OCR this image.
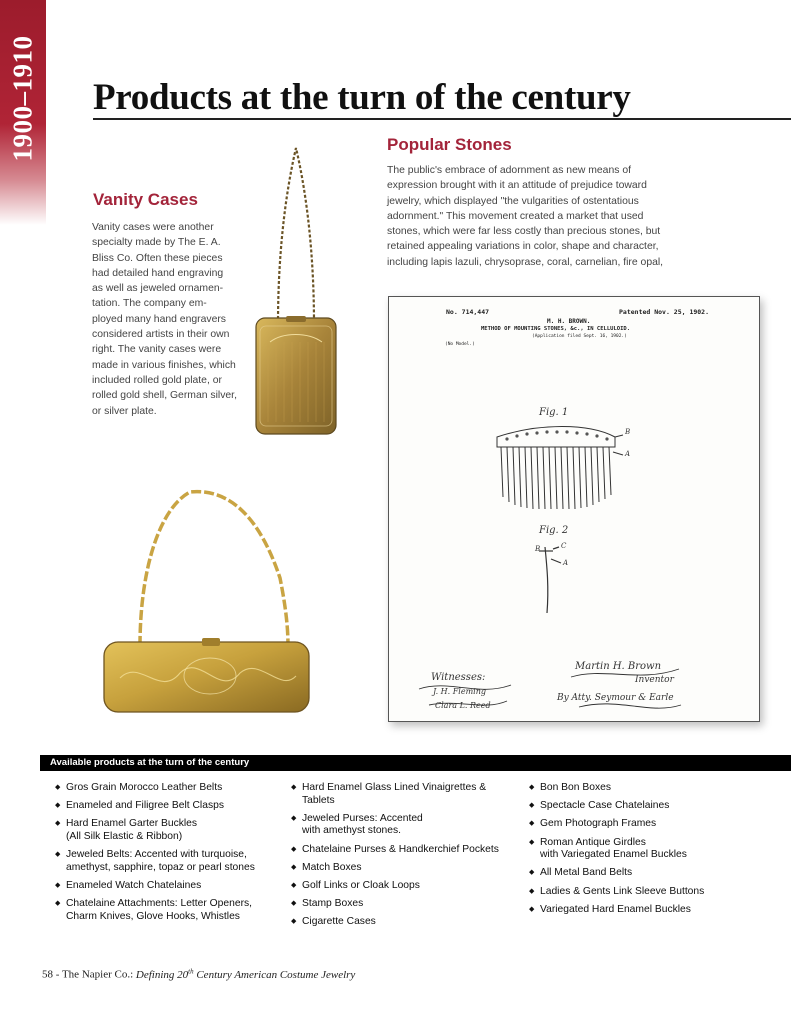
1900–1910 Products at the turn of the century
Vanity Cases
Vanity cases were another
specialty made by The E. A.
Bliss Co. Often these pieces
had detailed hand engraving
as well as jeweled ornamen-
tation. The company em-
ployed many hand engravers
considered artists in their own
right. The vanity cases were
made in various finishes, which
included rolled gold plate, or
rolled gold shell, German silver,
or silver plate.
Popular Stones
The public's embrace of adornment as new means of
expression brought with it an attitude of prejudice toward
jewelry, which displayed "the vulgarities of ostentatious
adornment." This movement created a market that used
stones, which were far less costly than precious stones, but
retained appealing variations in color, shape and character,
including lapis lazuli, chrysoprase, coral, carnelian, fire opal,
No. 714,447	Patented Nov. 25, 1902.
M. H. BROWN.
METHOD OF MOUNTING STONES, &c., IN CELLULOID.
(Application filed Sept. 16, 1902.)
(No Model.)
Fig. 1
Fig. 2
B
A
B	C
A
Witnesses:
J. H. Fleming
Clara L. Reed
Martin H. Brown
Inventor
By Atty. Seymour & Earle
Available products at the turn of the century
◆ Gros Grain Morocco Leather Belts
◆ Enameled and Filigree Belt Clasps
◆ Hard Enamel Garter Buckles
(All Silk Elastic & Ribbon)
◆ Jeweled Belts: Accented with turquoise,
amethyst, sapphire, topaz or pearl stones
◆ Enameled Watch Chatelaines
◆ Chatelaine Attachments: Letter Openers,
Charm Knives, Glove Hooks, Whistles
◆ Hard Enamel Glass Lined Vinaigrettes &
Tablets
◆ Jeweled Purses: Accented
with amethyst stones.
◆ Chatelaine Purses & Handkerchief Pockets
◆ Match Boxes
◆ Golf Links or Cloak Loops
◆ Stamp Boxes
◆ Cigarette Cases
◆ Bon Bon Boxes
◆ Spectacle Case Chatelaines
◆ Gem Photograph Frames
◆ Roman Antique Girdles
with Variegated Enamel Buckles
◆ All Metal Band Belts
◆ Ladies & Gents Link Sleeve Buttons
◆ Variegated Hard Enamel Buckles
58 - The Napier Co.: Defining 20th Century American Costume Jewelry
